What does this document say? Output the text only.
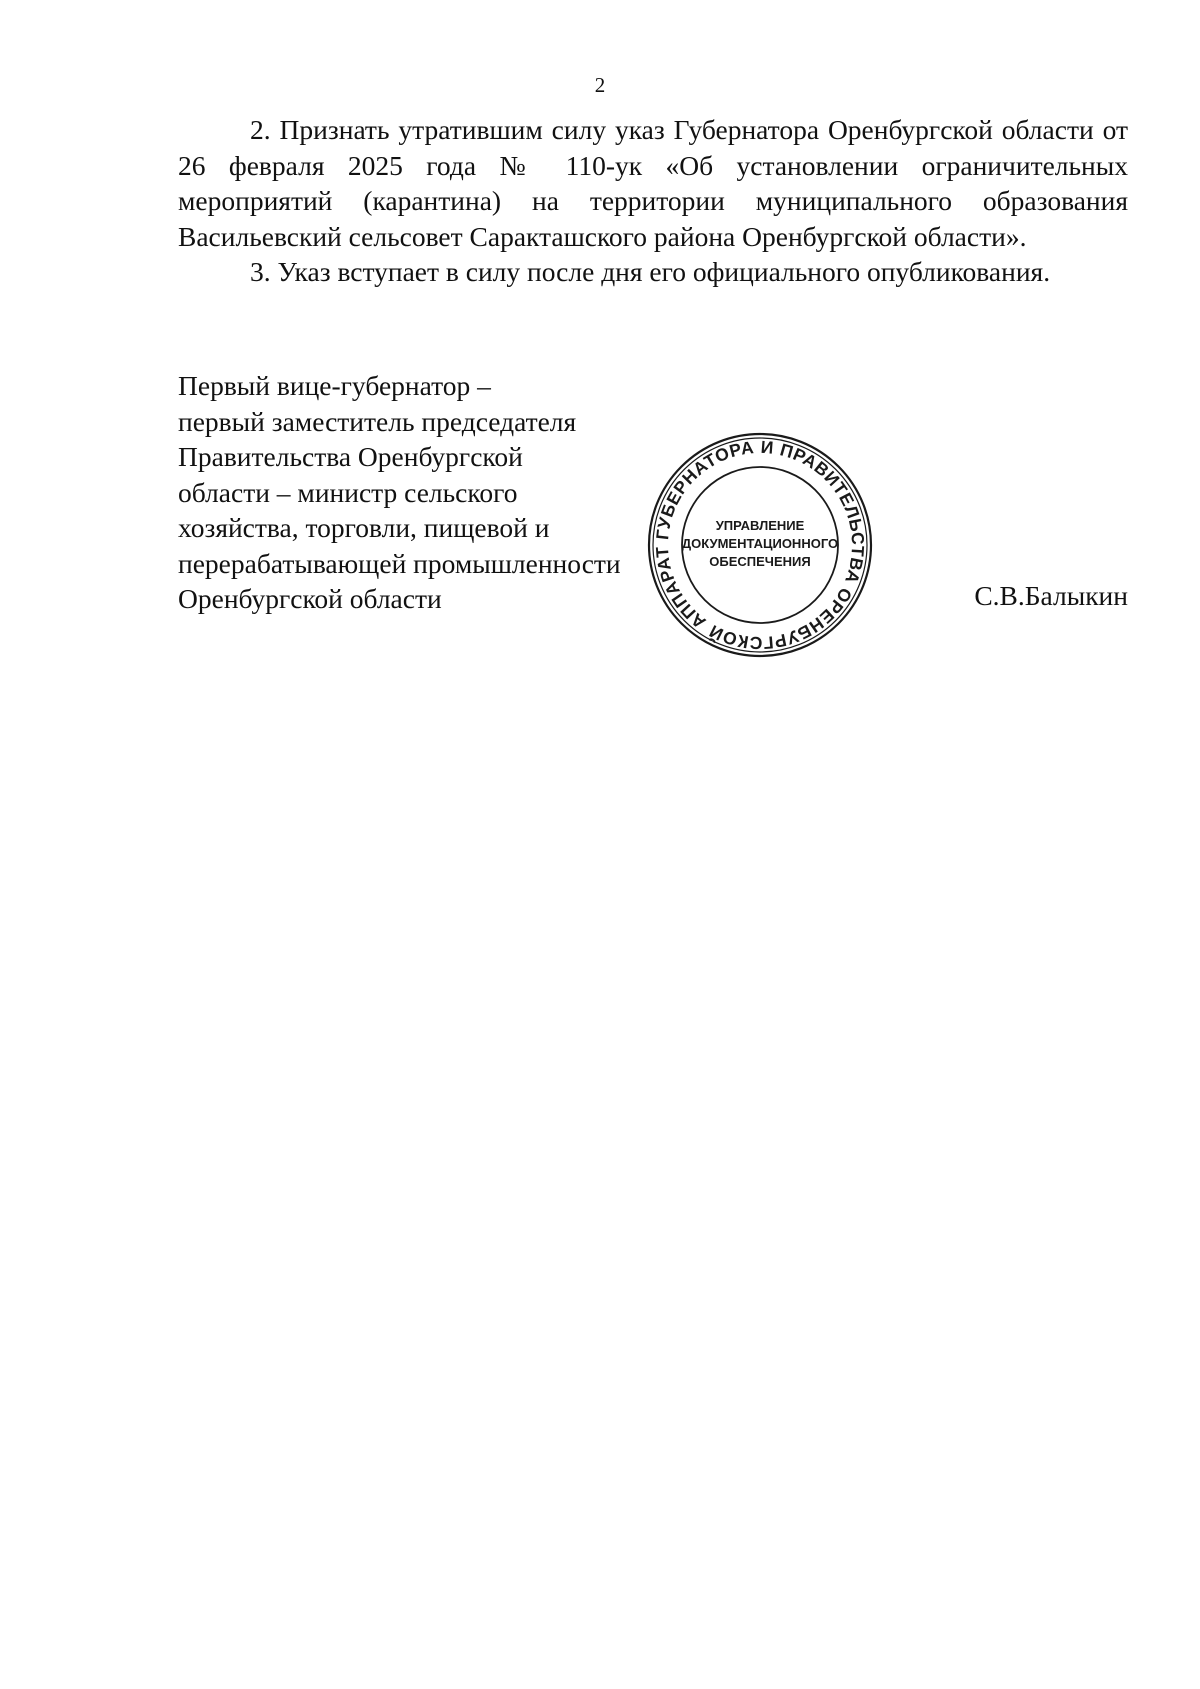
2

2. Признать утратившим силу указ Губернатора Оренбургской области от 26 февраля 2025 года № 110-ук «Об установлении ограничительных мероприятий (карантина) на территории муниципального образования Васильевский сельсовет Саракташского района Оренбургской области».

3. Указ вступает в силу после дня его официального опубликования.

Первый вице-губернатор –
первый заместитель председателя
Правительства Оренбургской
области – министр сельского
хозяйства, торговли, пищевой и
перерабатывающей промышленности
Оренбургской области
АППАРАТ ГУБЕРНАТОРА И ПРАВИТЕЛЬСТВА ОРЕНБУРГСКОЙ
УПРАВЛЕНИЕ
ДОКУМЕНТАЦИОННОГО
ОБЕСПЕЧЕНИЯ
С.В.Балыкин
